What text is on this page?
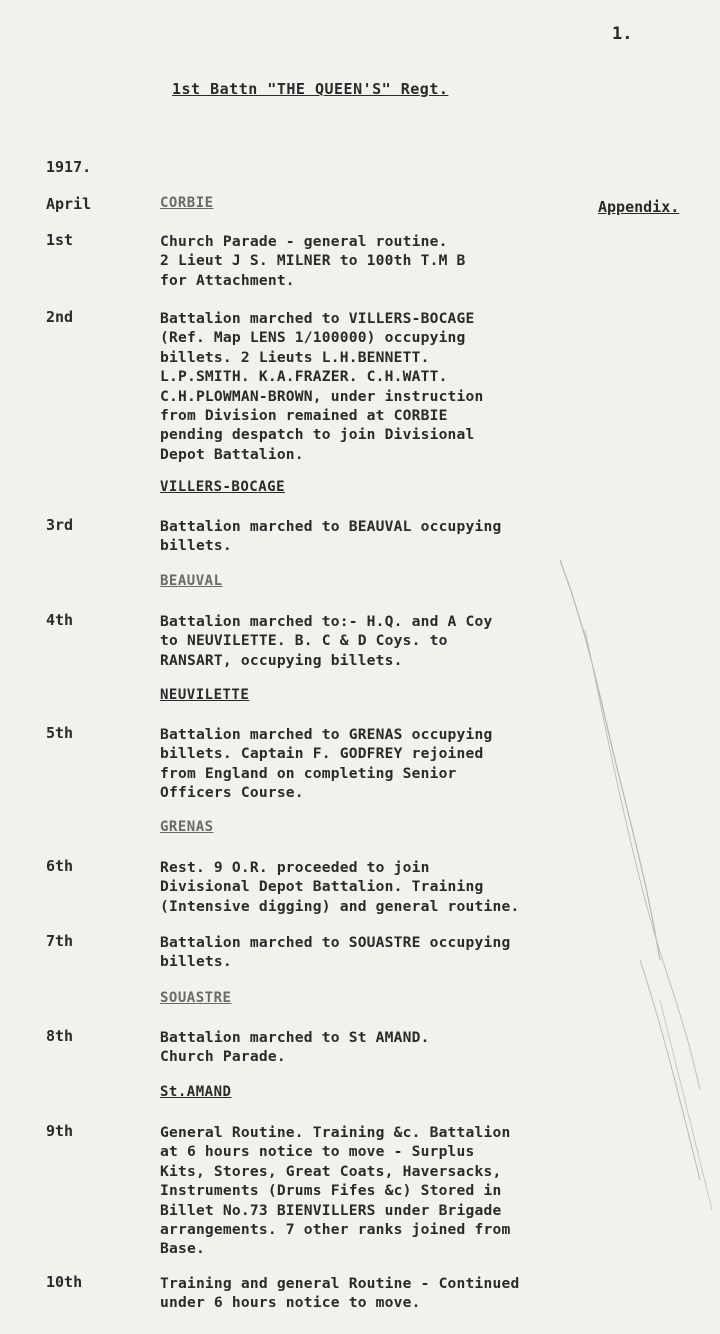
1.
1st Battn "THE QUEEN'S" Regt.
1917.
April	CORBIE	Appendix.
1st	Church Parade - general routine.
2 Lieut J S. MILNER to 100th T.M B
for Attachment.
2nd	Battalion marched to VILLERS-BOCAGE
(Ref. Map LENS 1/100000) occupying
billets. 2 Lieuts L.H.BENNETT.
L.P.SMITH. K.A.FRAZER. C.H.WATT.
C.H.PLOWMAN-BROWN, under instruction
from Division remained at CORBIE
pending despatch to join Divisional
Depot Battalion.
VILLERS-BOCAGE
3rd	Battalion marched to BEAUVAL occupying
billets.
BEAUVAL
4th	Battalion marched to:- H.Q. and A Coy
to NEUVILETTE. B. C & D Coys. to
RANSART, occupying billets.
NEUVILETTE
5th	Battalion marched to GRENAS occupying
billets. Captain F. GODFREY rejoined
from England on completing Senior
Officers Course.
GRENAS
6th	Rest. 9 O.R. proceeded to join
Divisional Depot Battalion. Training
(Intensive digging) and general routine.
7th	Battalion marched to SOUASTRE occupying
billets.
SOUASTRE
8th	Battalion marched to St AMAND.
Church Parade.
St.AMAND
9th	General Routine. Training &c. Battalion
at 6 hours notice to move - Surplus
Kits, Stores, Great Coats, Haversacks,
Instruments (Drums Fifes &c) Stored in
Billet No.73 BIENVILLERS under Brigade
arrangements. 7 other ranks joined from
Base.
10th	Training and general Routine - Continued
under 6 hours notice to move.
